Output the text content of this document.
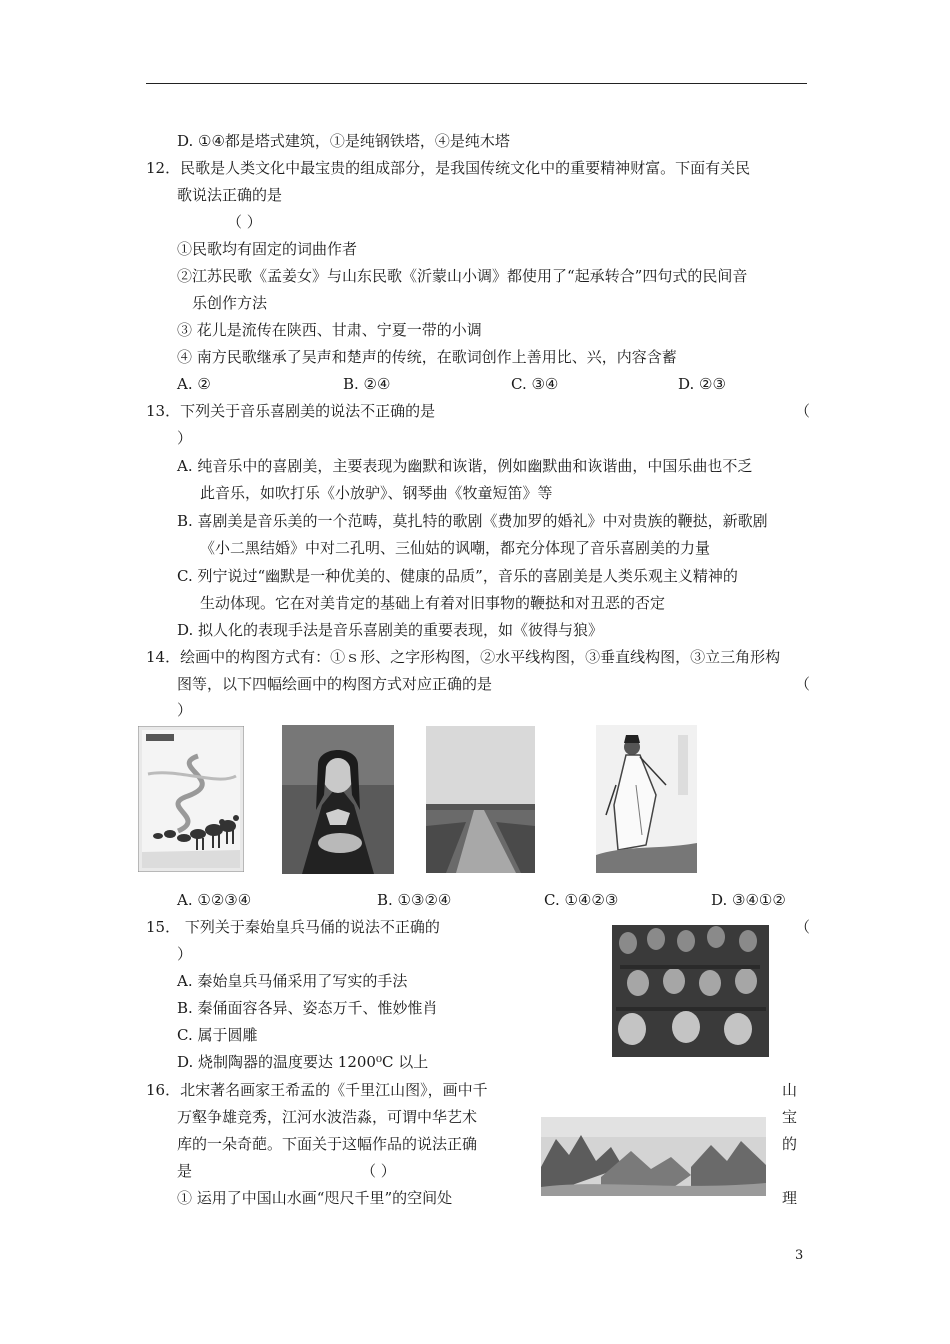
D. ①④都是塔式建筑，①是纯钢铁塔，④是纯木塔
12．民歌是人类文化中最宝贵的组成部分，是我国传统文化中的重要精神财富。下面有关民
歌说法正确的是
（ ）
①民歌均有固定的词曲作者
②江苏民歌《孟姜女》与山东民歌《沂蒙山小调》都使用了“起承转合”四句式的民间音
乐创作方法
③ 花儿是流传在陕西、甘肃、宁夏一带的小调
④ 南方民歌继承了吴声和楚声的传统，在歌词创作上善用比、兴，内容含蓄
A. ②	B. ②④	C. ③④	D. ②③
13．下列关于音乐喜剧美的说法不正确的是	（
）
A. 纯音乐中的喜剧美，主要表现为幽默和诙谐，例如幽默曲和诙谐曲，中国乐曲也不乏
此音乐，如吹打乐《小放驴》、钢琴曲《牧童短笛》等
B. 喜剧美是音乐美的一个范畴，莫扎特的歌剧《费加罗的婚礼》中对贵族的鞭挞，新歌剧
《小二黑结婚》中对二孔明、三仙姑的讽嘲，都充分体现了音乐喜剧美的力量
C. 列宁说过“幽默是一种优美的、健康的品质”，音乐的喜剧美是人类乐观主义精神的
生动体现。它在对美肯定的基础上有着对旧事物的鞭挞和对丑恶的否定
D. 拟人化的表现手法是音乐喜剧美的重要表现，如《彼得与狼》
14．绘画中的构图方式有：①ｓ形、之字形构图，②水平线构图，③垂直线构图，③立三角形构
图等，以下四幅绘画中的构图方式对应正确的是	（
）
A. ①②③④	B. ①③②④	C. ①④②③	D. ③④①②
15． 下列关于秦始皇兵马俑的说法不正确的	（
）
A. 秦始皇兵马俑采用了写实的手法
B. 秦俑面容各异、姿态万千、惟妙惟肖
C. 属于圆雕
D. 烧制陶器的温度要达 1200⁰C 以上
16．北宋著名画家王希孟的《千里江山图》，画中千	山
万壑争雄竞秀，江河水波浩淼，可谓中华艺术	宝
库的一朵奇葩。下面关于这幅作品的说法正确	的
是	（ ）
① 运用了中国山水画“咫尺千里”的空间处	理
3
